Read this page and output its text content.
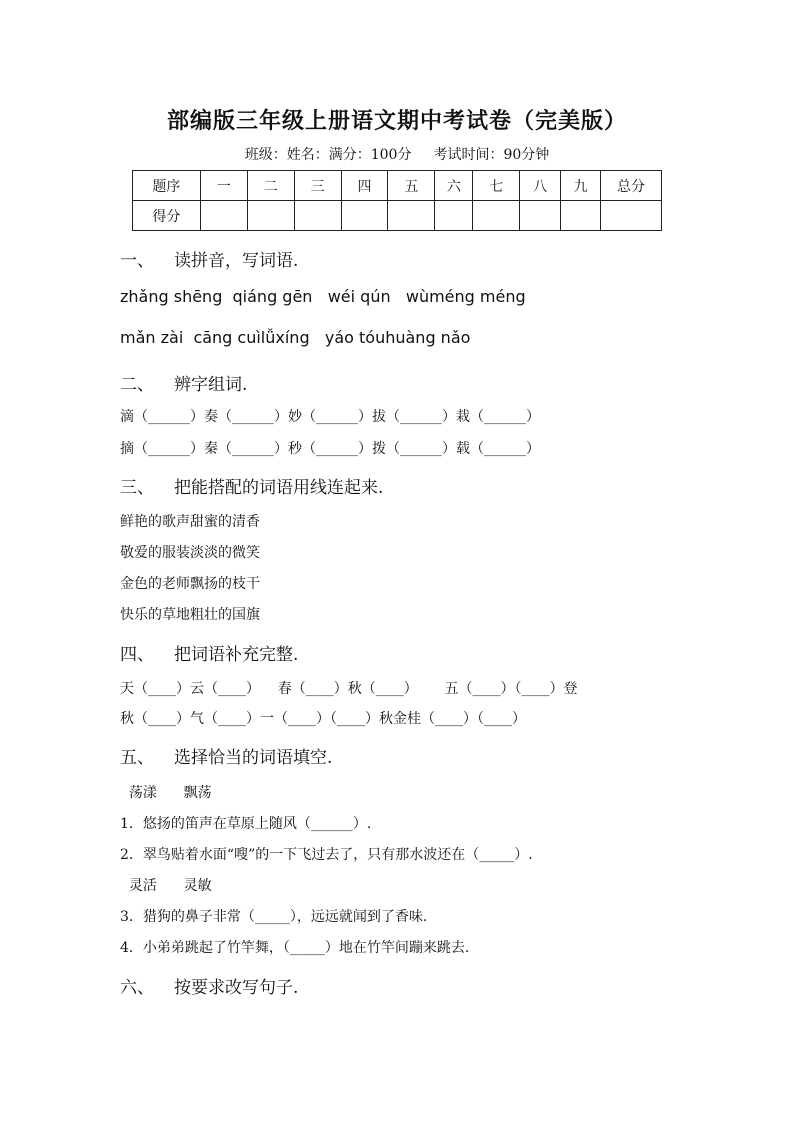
部编版三年级上册语文期中考试卷（完美版）
班级：姓名：满分：100分 考试时间：90分钟
题序	一	二	三	四	五	六	七	八	九	总分
得分										
一、 读拼音，写词语.
zhǎng shēng  qiáng gēn   wéi qún   wùméng méng
mǎn zài  cāng cuìlǚxíng   yáo tóuhuàng nǎo
二、 辨字组词.
滴（______）奏（______）妙（______）拔（______）栽（______）
摘（______）秦（______）秒（______）拨（______）载（______）
三、 把能搭配的词语用线连起来.
鲜艳的歌声甜蜜的清香
敬爱的服装淡淡的微笑
金色的老师飘扬的枝干
快乐的草地粗壮的国旗
四、 把词语补充完整.
天（____）云（____）    春（____）秋（____）      五（____）（____）登
秋（____）气（____）一（____）（____）秋金桂（____）（____）
五、 选择恰当的词语填空.
荡漾      飘荡
1．悠扬的笛声在草原上随风（______）.
2．翠鸟贴着水面“嗖”的一下飞过去了，只有那水波还在（_____）.
灵活      灵敏
3．猎狗的鼻子非常（_____），远远就闻到了香味.
4．小弟弟跳起了竹竿舞，（_____）地在竹竿间蹦来跳去.
六、 按要求改写句子.
